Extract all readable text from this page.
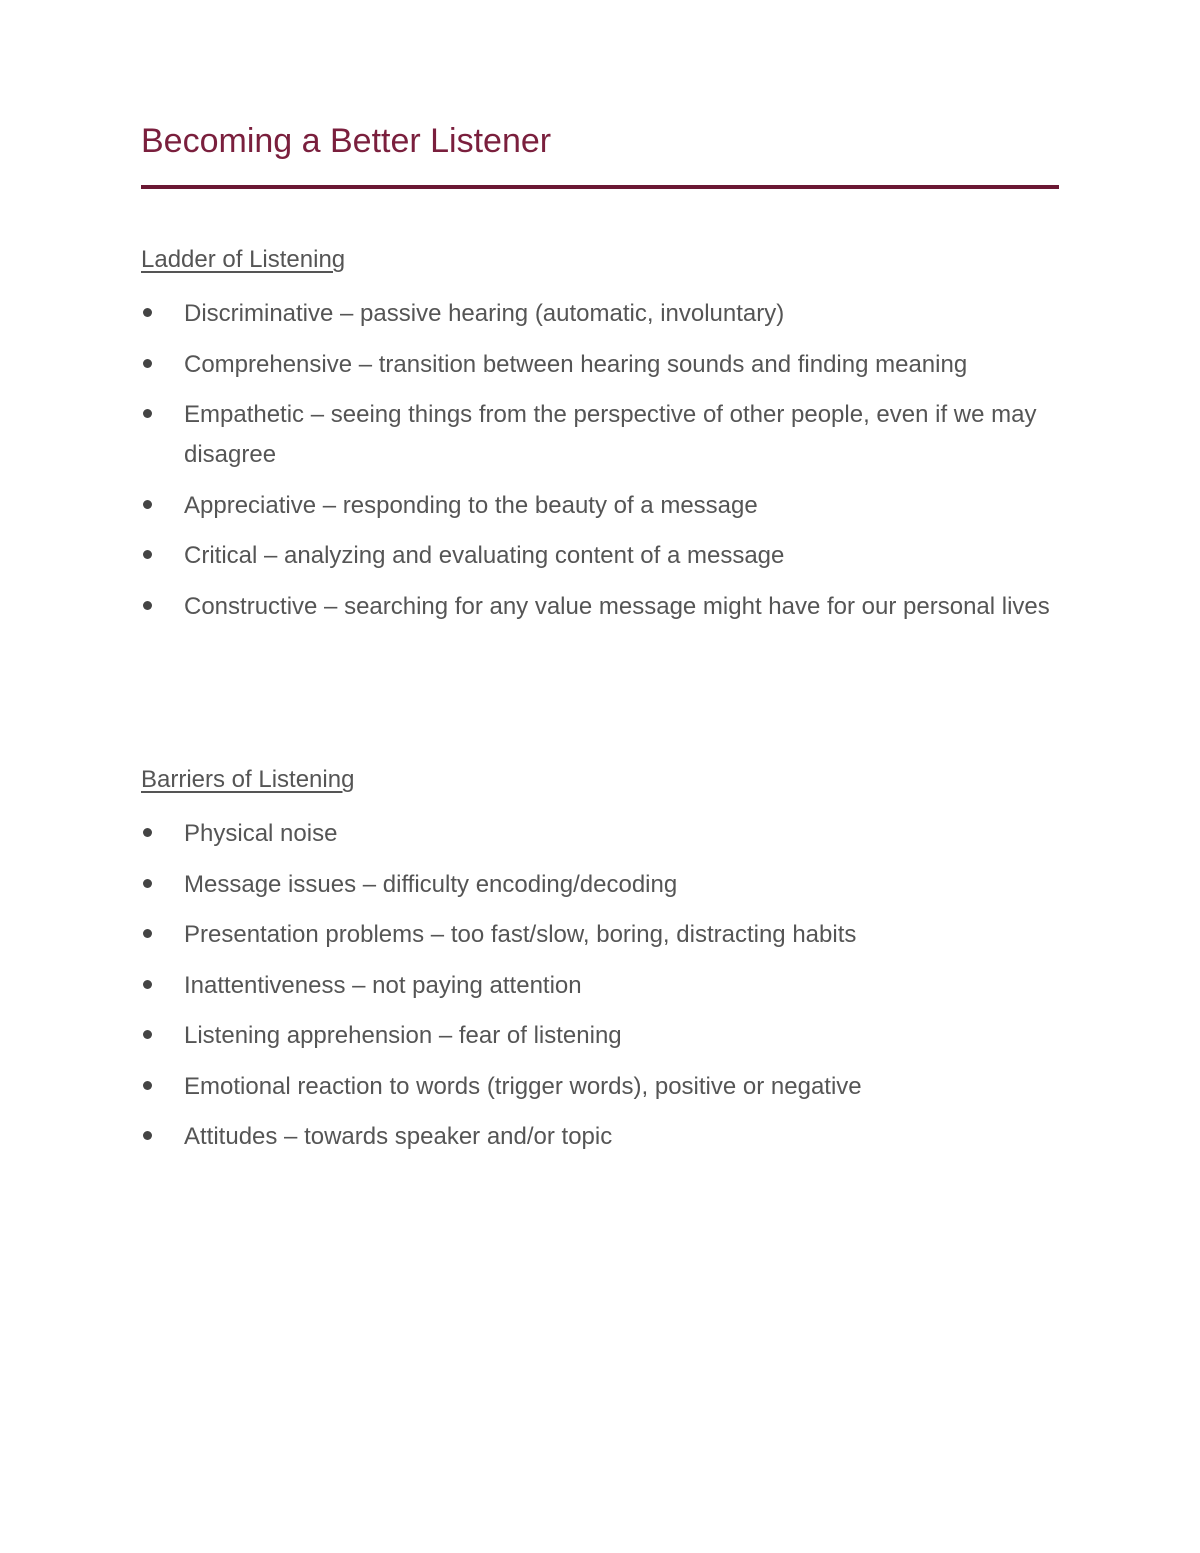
Becoming a Better Listener
Ladder of Listening
Discriminative – passive hearing (automatic, involuntary)
Comprehensive – transition between hearing sounds and finding meaning
Empathetic – seeing things from the perspective of other people, even if we may disagree
Appreciative – responding to the beauty of a message
Critical – analyzing and evaluating content of a message
Constructive – searching for any value message might have for our personal lives
Barriers of Listening
Physical noise
Message issues – difficulty encoding/decoding
Presentation problems – too fast/slow, boring, distracting habits
Inattentiveness – not paying attention
Listening apprehension – fear of listening
Emotional reaction to words (trigger words), positive or negative
Attitudes – towards speaker and/or topic
